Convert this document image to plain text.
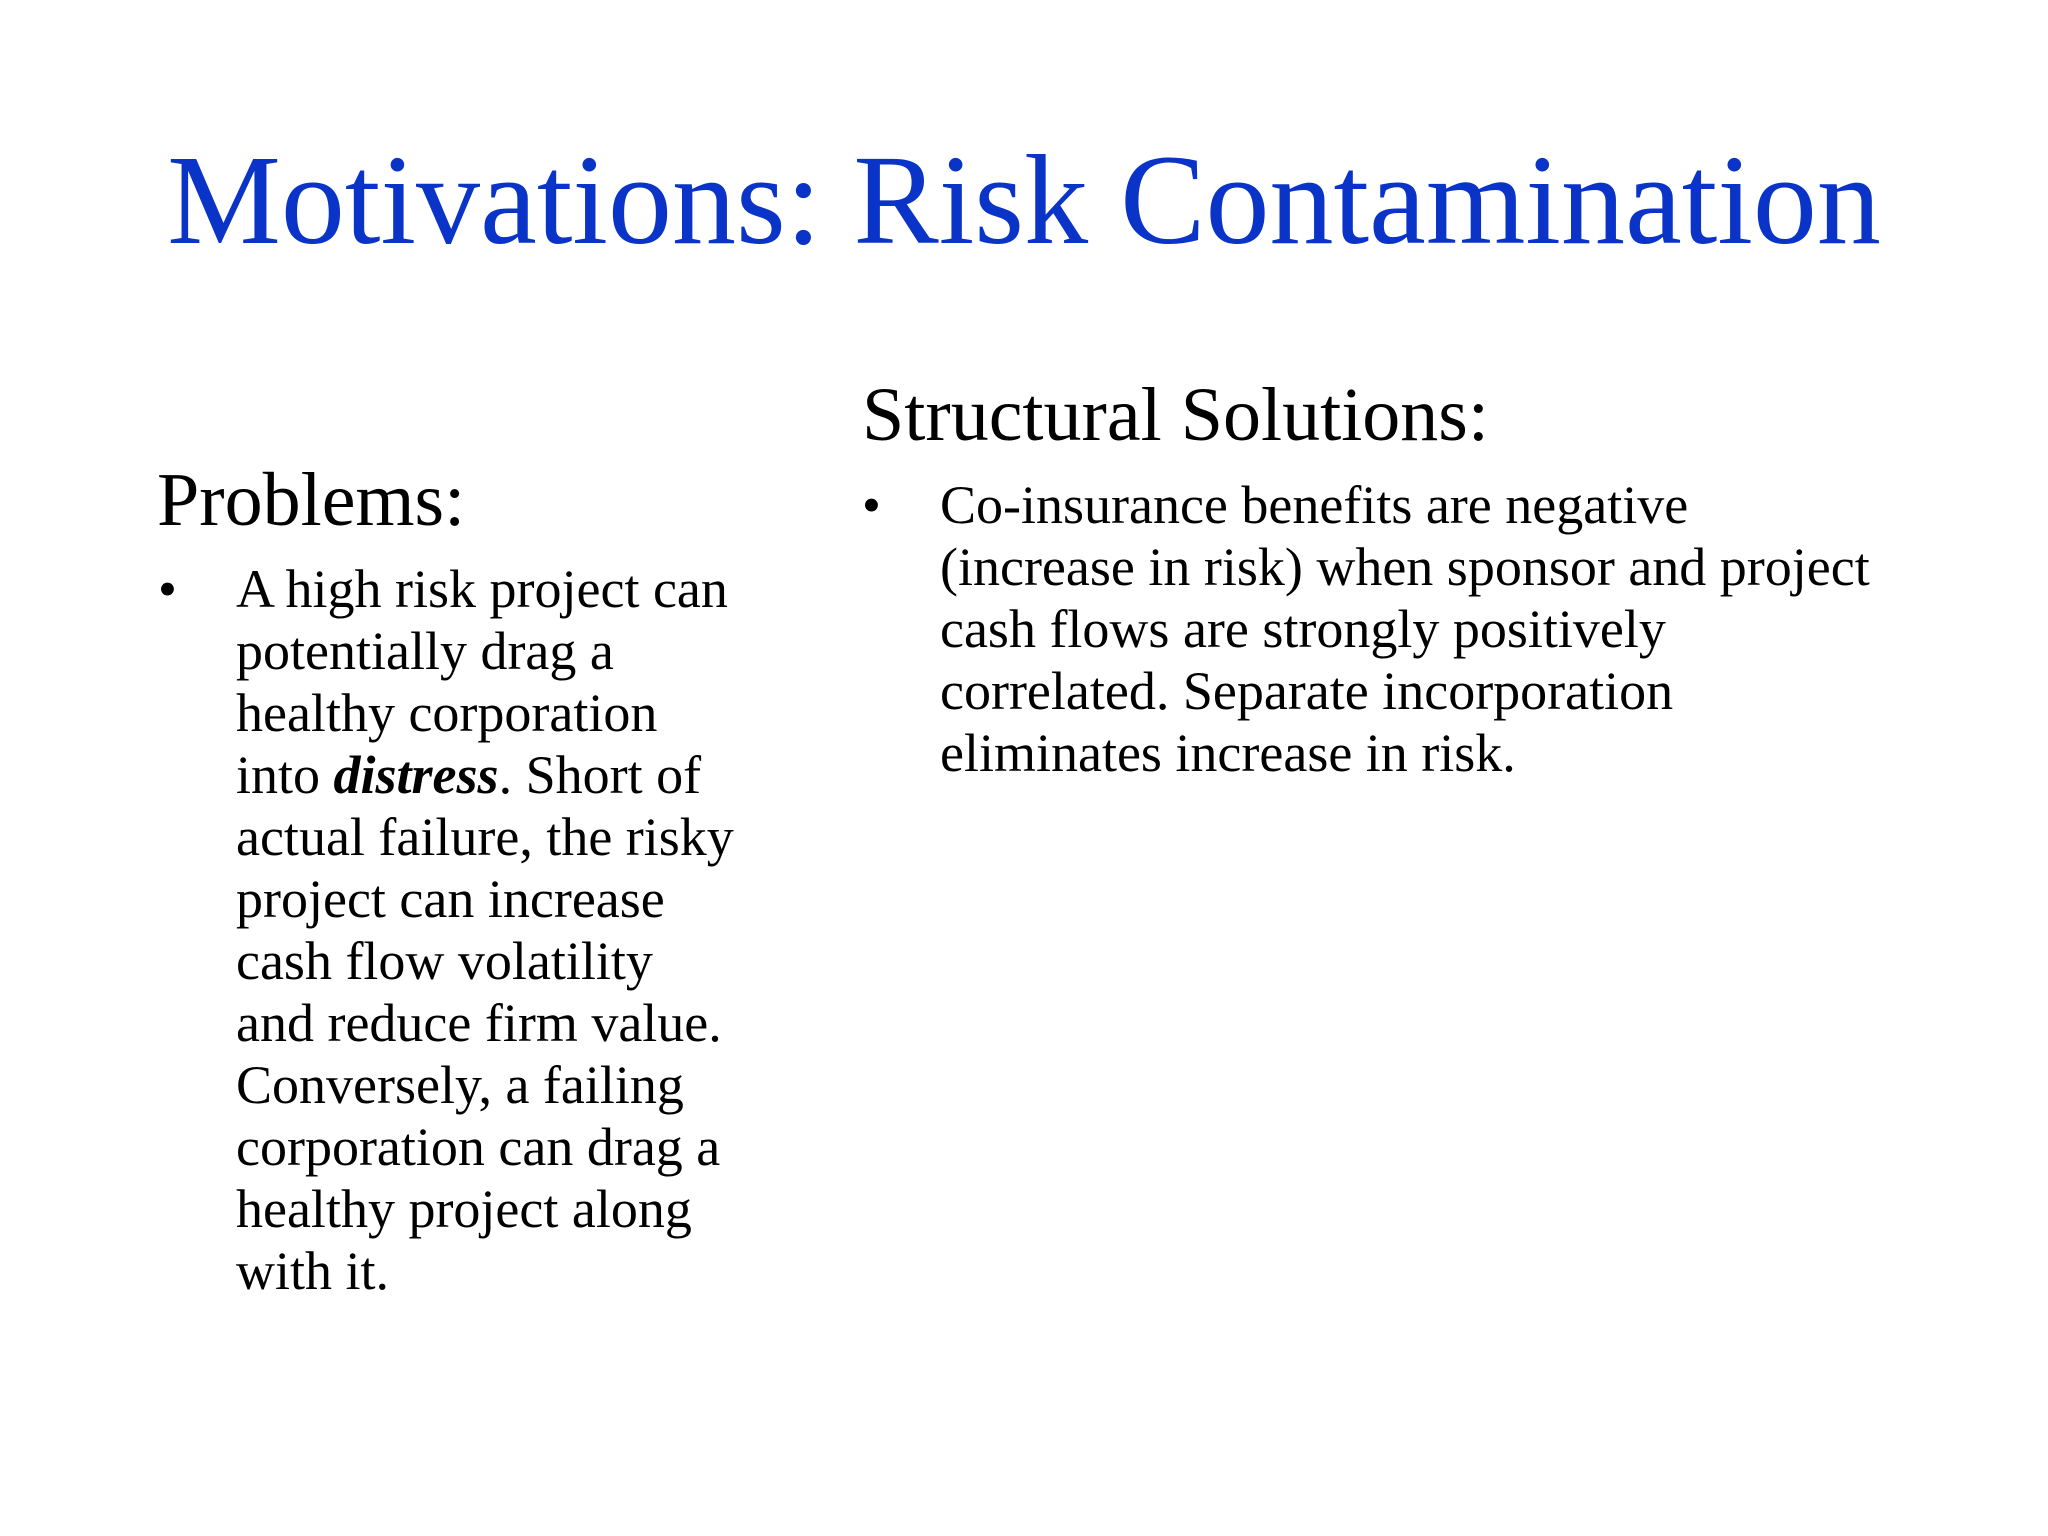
Motivations: Risk Contamination
Problems:
• A high risk project can
potentially drag a
healthy corporation
into distress. Short of
actual failure, the risky
project can increase
cash flow volatility
and reduce firm value.
Conversely, a failing
corporation can drag a
healthy project along
with it.

Structural Solutions:
• Co-insurance benefits are negative
(increase in risk) when sponsor and project
cash flows are strongly positively
correlated. Separate incorporation
eliminates increase in risk.
